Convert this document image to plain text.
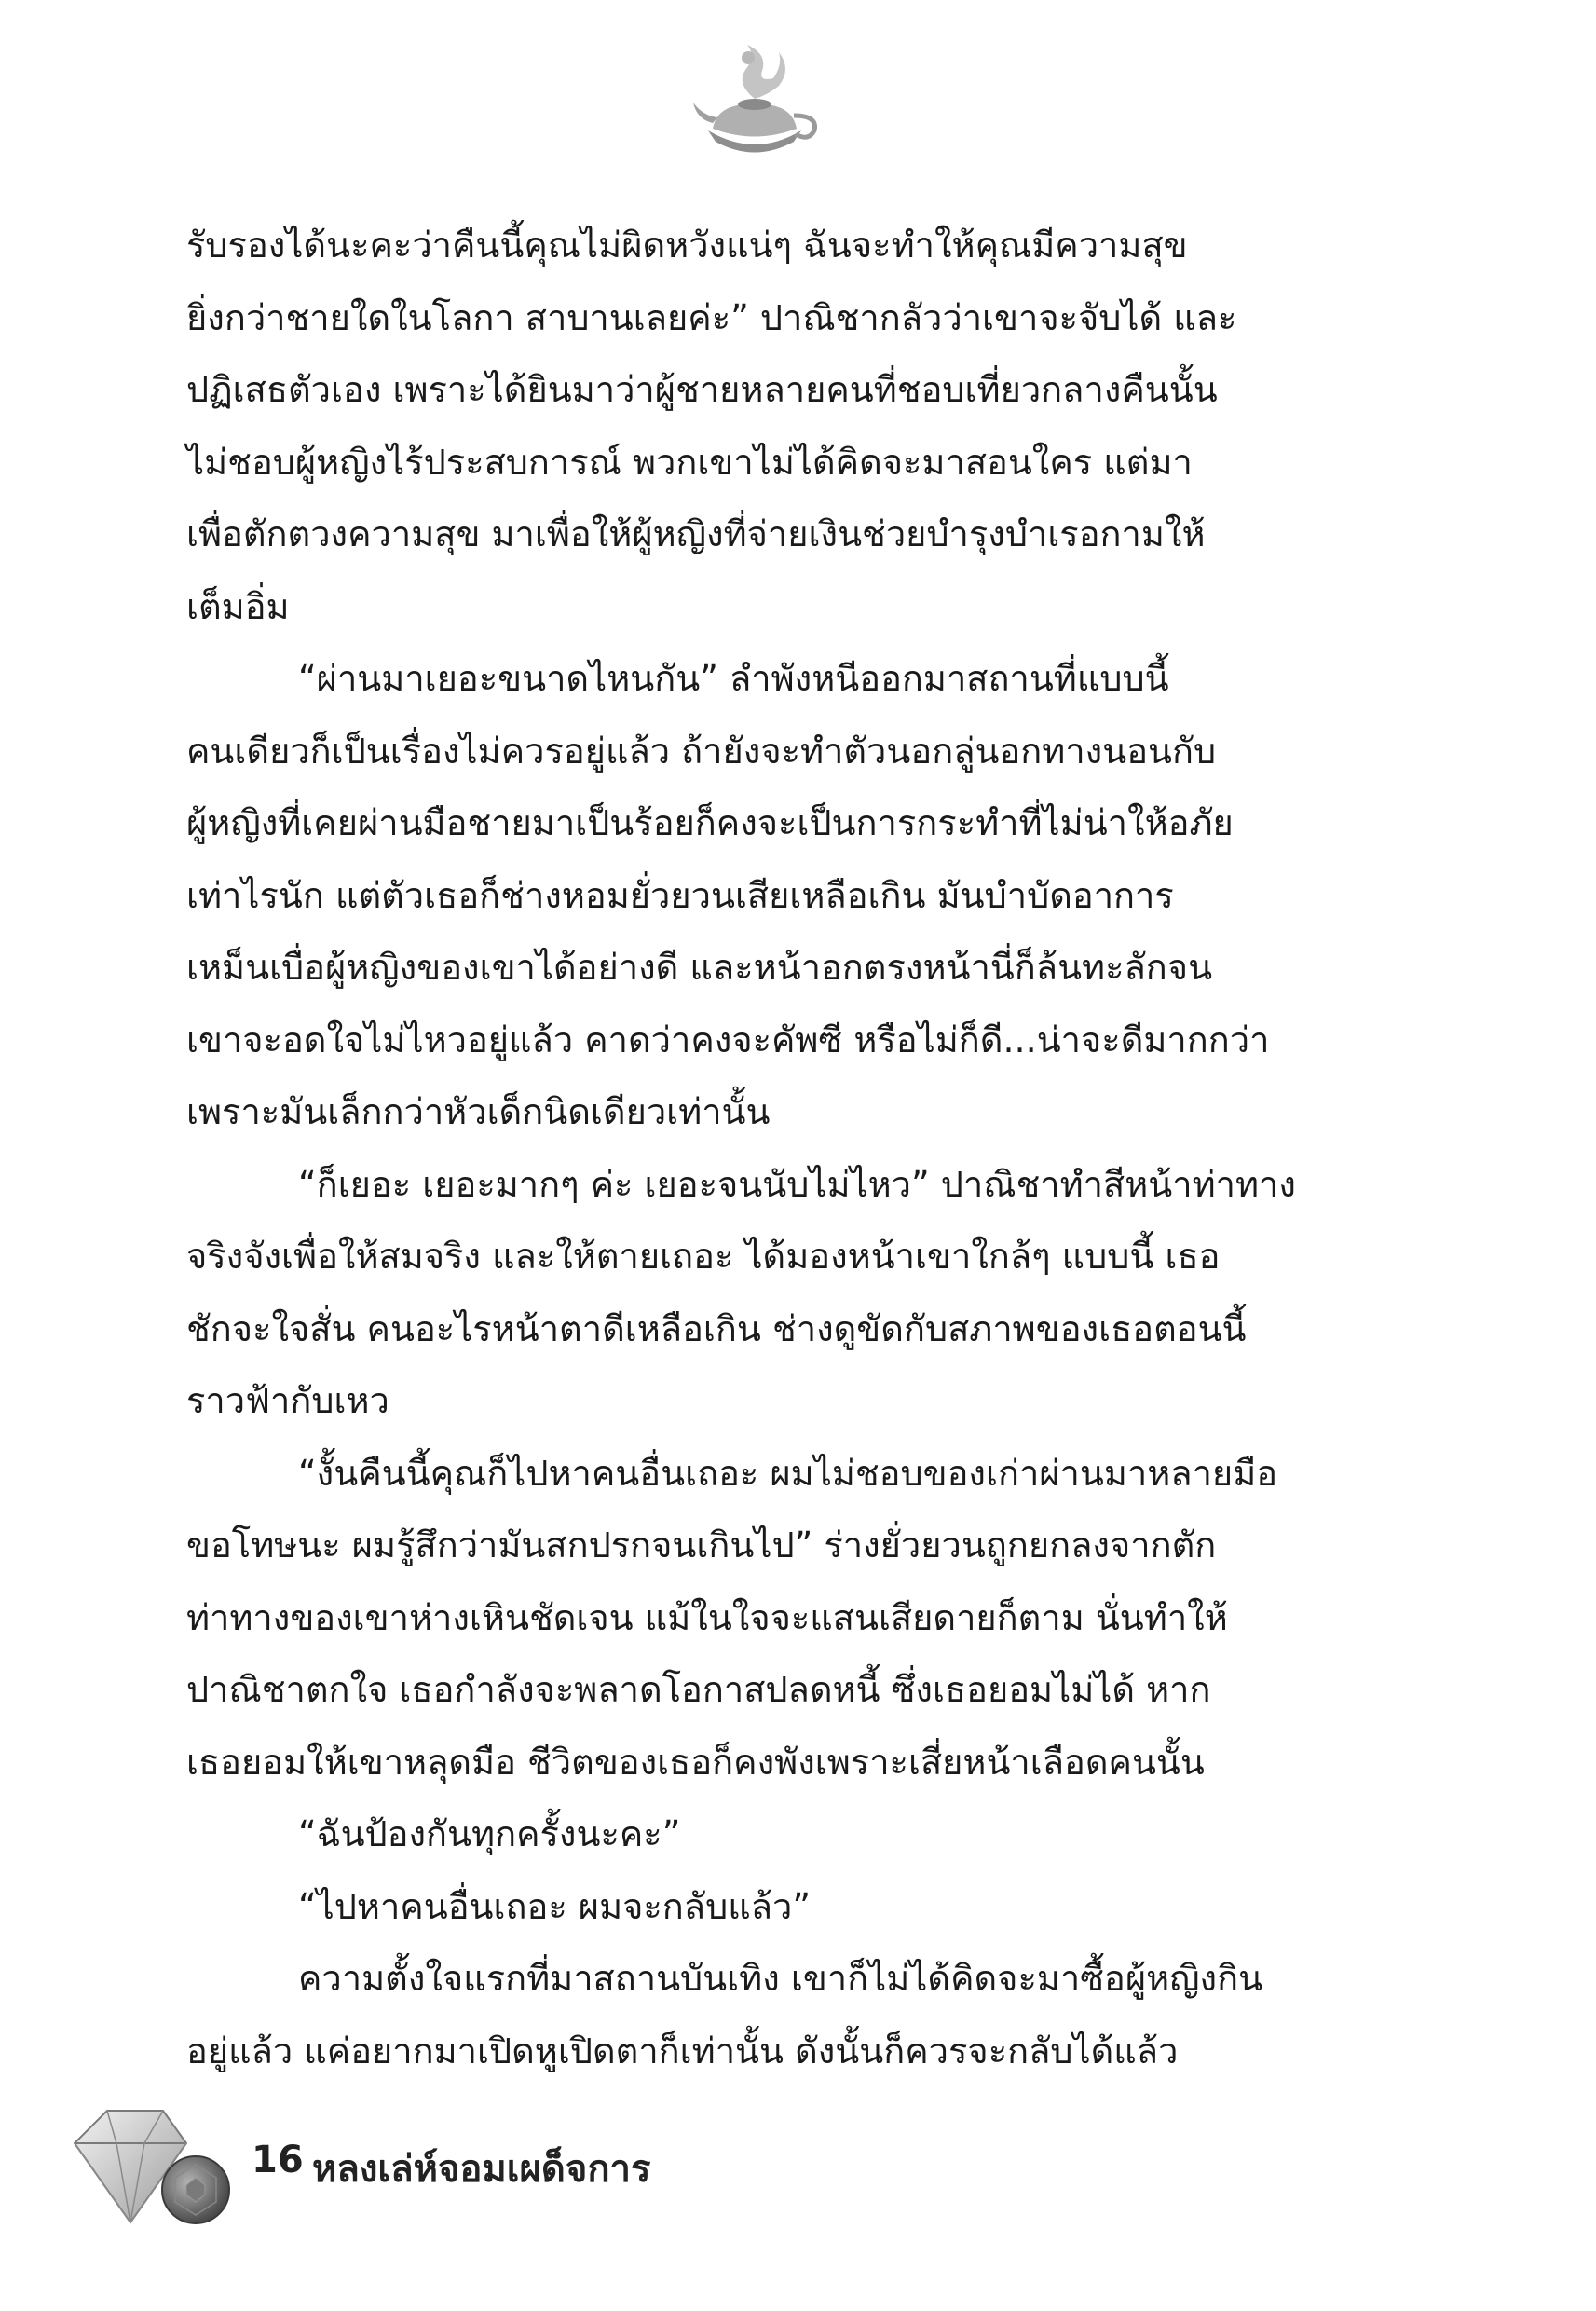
รับรองได้นะคะว่าคืนนี้คุณไม่ผิดหวังแน่ๆ ฉันจะทำให้คุณมีความสุข
ยิ่งกว่าชายใดในโลกา สาบานเลยค่ะ” ปาณิชากลัวว่าเขาจะจับได้ และ
ปฏิเสธตัวเอง เพราะได้ยินมาว่าผู้ชายหลายคนที่ชอบเที่ยวกลางคืนนั้น
ไม่ชอบผู้หญิงไร้ประสบการณ์ พวกเขาไม่ได้คิดจะมาสอนใคร แต่มา
เพื่อตักตวงความสุข มาเพื่อให้ผู้หญิงที่จ่ายเงินช่วยบำรุงบำเรอกามให้
เต็มอิ่ม
“ผ่านมาเยอะขนาดไหนกัน” ลำพังหนีออกมาสถานที่แบบนี้
คนเดียวก็เป็นเรื่องไม่ควรอยู่แล้ว ถ้ายังจะทำตัวนอกลู่นอกทางนอนกับ
ผู้หญิงที่เคยผ่านมือชายมาเป็นร้อยก็คงจะเป็นการกระทำที่ไม่น่าให้อภัย
เท่าไรนัก แต่ตัวเธอก็ช่างหอมยั่วยวนเสียเหลือเกิน มันบำบัดอาการ
เหม็นเบื่อผู้หญิงของเขาได้อย่างดี และหน้าอกตรงหน้านี่ก็ล้นทะลักจน
เขาจะอดใจไม่ไหวอยู่แล้ว คาดว่าคงจะคัพซี หรือไม่ก็ดี...น่าจะดีมากกว่า
เพราะมันเล็กกว่าหัวเด็กนิดเดียวเท่านั้น
“ก็เยอะ เยอะมากๆ ค่ะ เยอะจนนับไม่ไหว” ปาณิชาทำสีหน้าท่าทาง
จริงจังเพื่อให้สมจริง และให้ตายเถอะ ได้มองหน้าเขาใกล้ๆ แบบนี้ เธอ
ชักจะใจสั่น คนอะไรหน้าตาดีเหลือเกิน ช่างดูขัดกับสภาพของเธอตอนนี้
ราวฟ้ากับเหว
“งั้นคืนนี้คุณก็ไปหาคนอื่นเถอะ ผมไม่ชอบของเก่าผ่านมาหลายมือ
ขอโทษนะ ผมรู้สึกว่ามันสกปรกจนเกินไป” ร่างยั่วยวนถูกยกลงจากตัก
ท่าทางของเขาห่างเหินชัดเจน แม้ในใจจะแสนเสียดายก็ตาม นั่นทำให้
ปาณิชาตกใจ เธอกำลังจะพลาดโอกาสปลดหนี้ ซึ่งเธอยอมไม่ได้ หาก
เธอยอมให้เขาหลุดมือ ชีวิตของเธอก็คงพังเพราะเสี่ยหน้าเลือดคนนั้น
“ฉันป้องกันทุกครั้งนะคะ”
“ไปหาคนอื่นเถอะ ผมจะกลับแล้ว”
ความตั้งใจแรกที่มาสถานบันเทิง เขาก็ไม่ได้คิดจะมาซื้อผู้หญิงกิน
อยู่แล้ว แค่อยากมาเปิดหูเปิดตาก็เท่านั้น ดังนั้นก็ควรจะกลับได้แล้ว
16 หลงเล่ห์จอมเผด็จการ
